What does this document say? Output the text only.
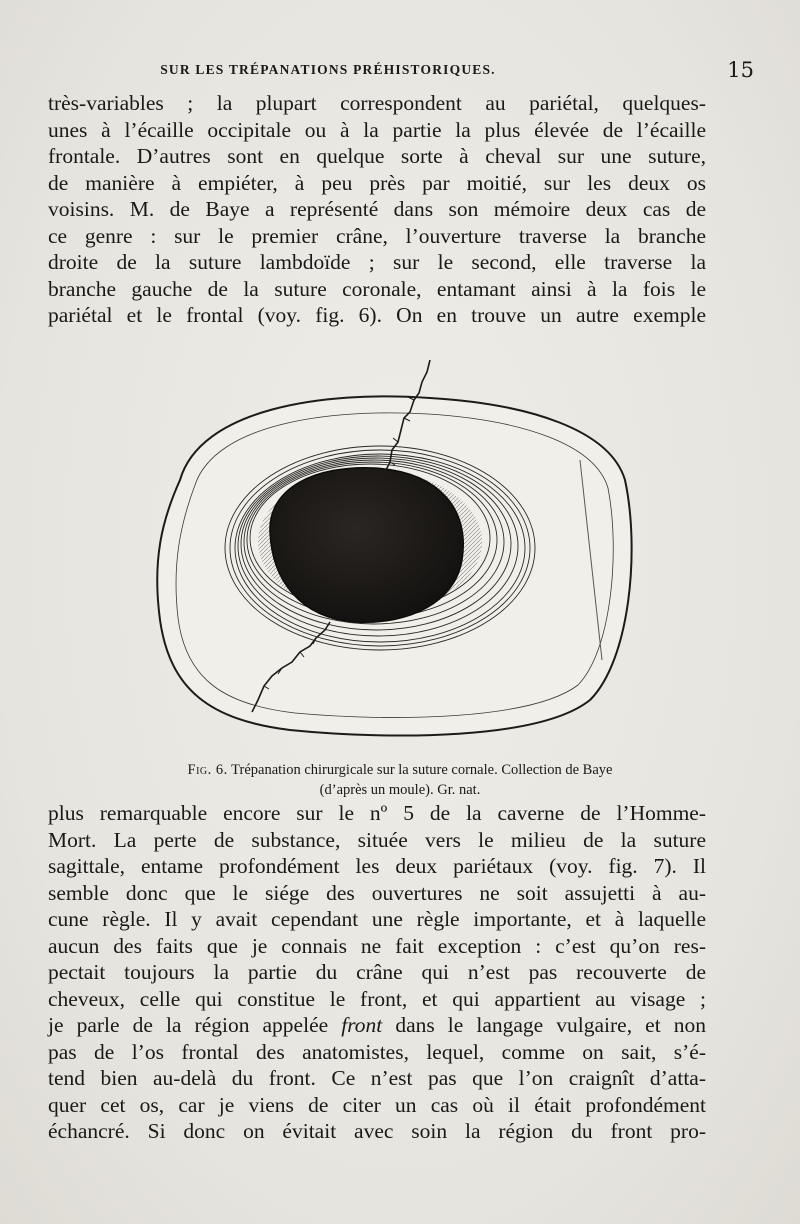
SUR LES TRÉPANATIONS PRÉHISTORIQUES.	15
très-variables ; la plupart correspondent au pariétal, quelques-
unes à l’écaille occipitale ou à la partie la plus élevée de l’écaille
frontale. D’autres sont en quelque sorte à cheval sur une suture,
de manière à empiéter, à peu près par moitié, sur les deux os
voisins. M. de Baye a représenté dans son mémoire deux cas de
ce genre : sur le premier crâne, l’ouverture traverse la branche
droite de la suture lambdoïde ; sur le second, elle traverse la
branche gauche de la suture coronale, entamant ainsi à la fois le
pariétal et le frontal (voy. fig. 6). On en trouve un autre exemple
Fig. 6. Trépanation chirurgicale sur la suture cornale. Collection de Baye
(d’après un moule). Gr. nat.
plus remarquable encore sur le nº 5 de la caverne de l’Homme-
Mort. La perte de substance, située vers le milieu de la suture
sagittale, entame profondément les deux pariétaux (voy. fig. 7). Il
semble donc que le siége des ouvertures ne soit assujetti à au-
cune règle. Il y avait cependant une règle importante, et à laquelle
aucun des faits que je connais ne fait exception : c’est qu’on res-
pectait toujours la partie du crâne qui n’est pas recouverte de
cheveux, celle qui constitue le front, et qui appartient au visage ;
je parle de la région appelée front dans le langage vulgaire, et non
pas de l’os frontal des anatomistes, lequel, comme on sait, s’é-
tend bien au-delà du front. Ce n’est pas que l’on craignît d’atta-
quer cet os, car je viens de citer un cas où il était profondément
échancré. Si donc on évitait avec soin la région du front pro-
